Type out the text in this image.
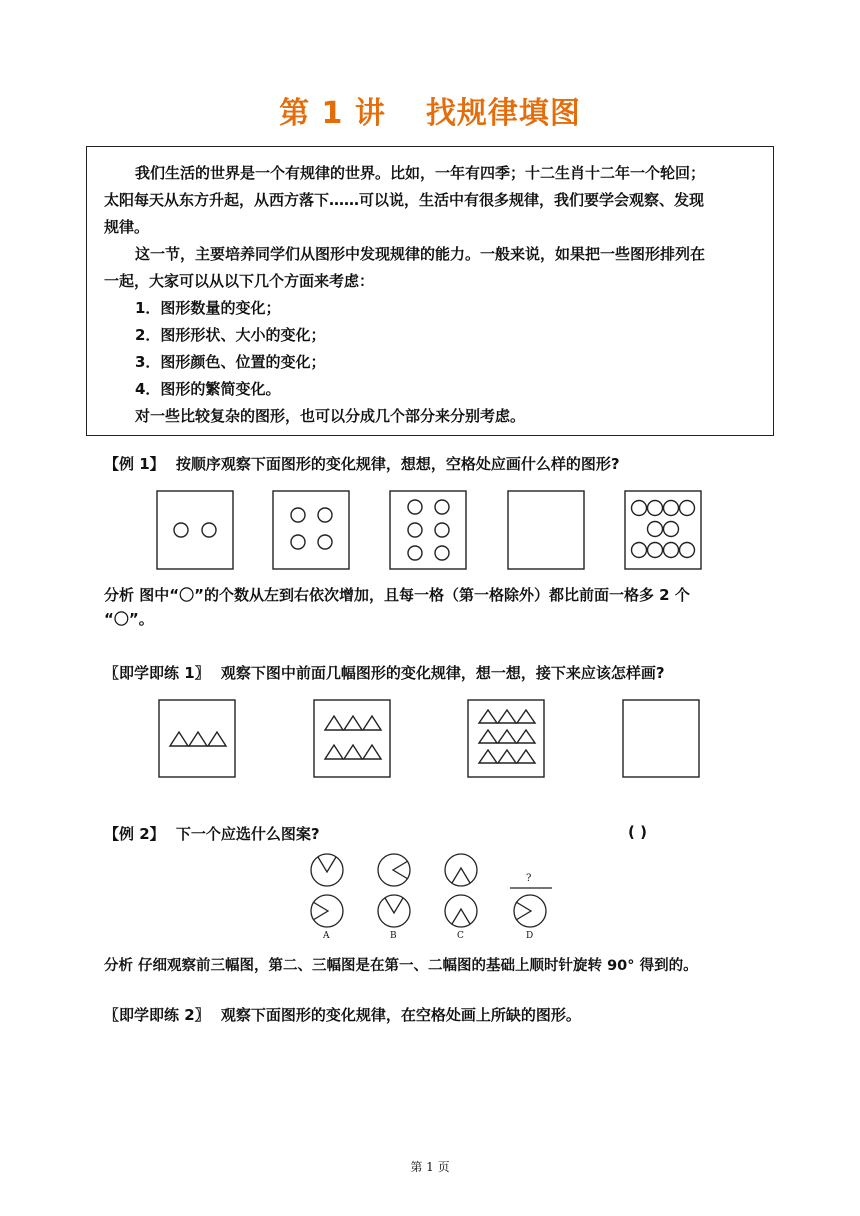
第 1 讲 找规律填图

我们生活的世界是一个有规律的世界。比如，一年有四季；十二生肖十二年一个轮回；

太阳每天从东方升起，从西方落下……可以说，生活中有很多规律，我们要学会观察、发现

规律。

这一节，主要培养同学们从图形中发现规律的能力。一般来说，如果把一些图形排列在

一起，大家可以从以下几个方面来考虑：

1．图形数量的变化；

2．图形形状、大小的变化；

3．图形颜色、位置的变化；

4．图形的繁简变化。

对一些比较复杂的图形，也可以分成几个部分来分别考虑。

【例 1】 按顺序观察下面图形的变化规律，想想，空格处应画什么样的图形?
分析 图中“〇”的个数从左到右依次增加，且每一格（第一格除外）都比前面一格多 2 个
“〇”。
〖即学即练 1〗 观察下图中前面几幅图形的变化规律，想一想，接下来应该怎样画?
【例 2】 下一个应选什么图案?	( )
?
A	B	C	D
分析 仔细观察前三幅图，第二、三幅图是在第一、二幅图的基础上顺时针旋转 90° 得到的。
〖即学即练 2〗 观察下面图形的变化规律，在空格处画上所缺的图形。
第 1 页
